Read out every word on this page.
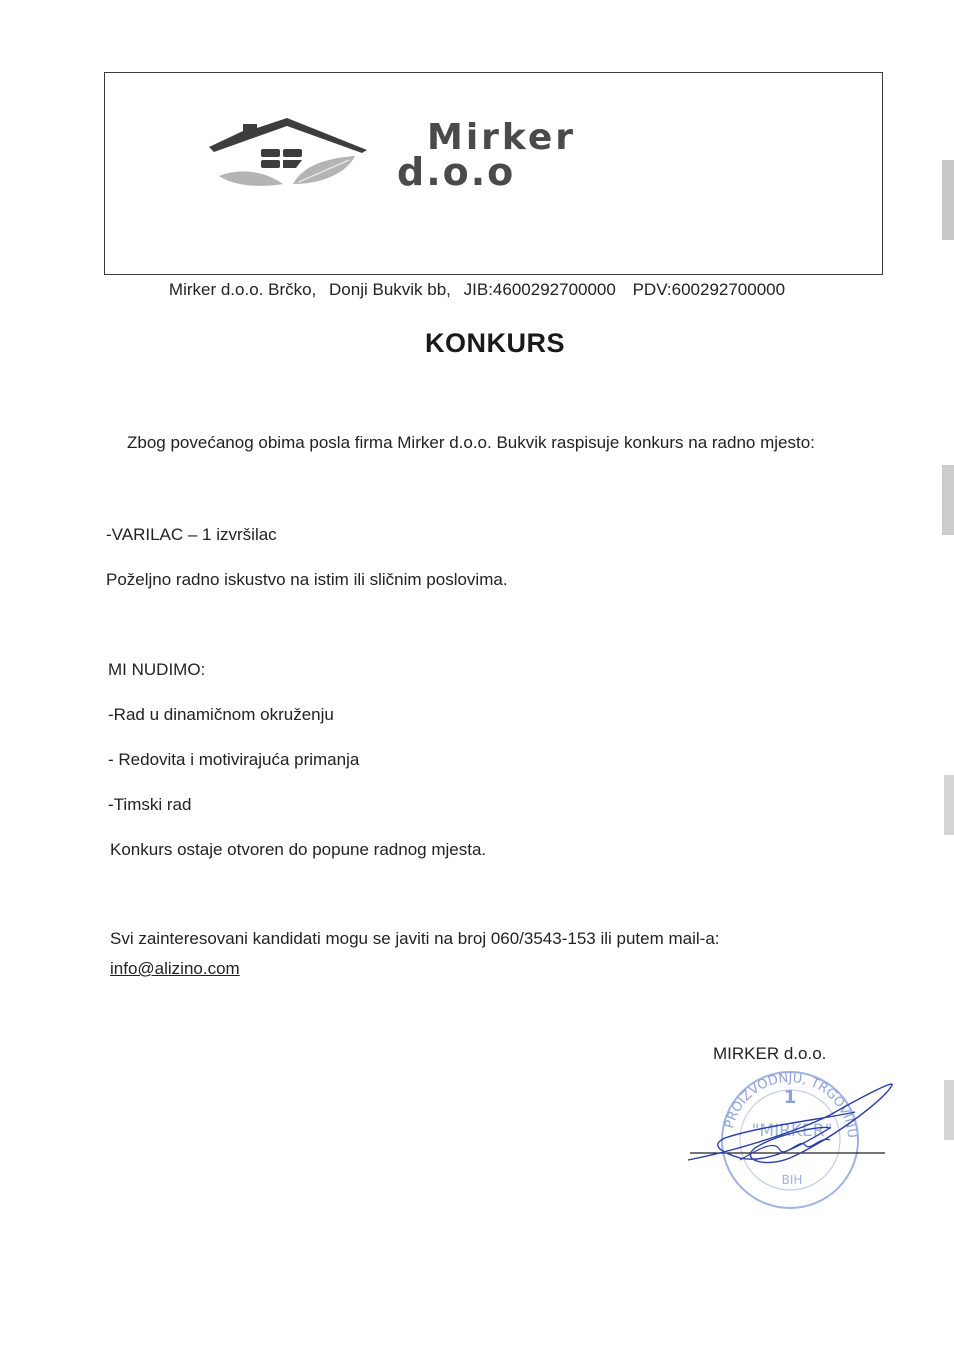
Mirker
d.o.o
Mirker d.o.o. Brčko, Donji Bukvik bb, JIB:4600292700000 PDV:600292700000
KONKURS
Zbog povećanog obima posla firma Mirker d.o.o. Bukvik raspisuje konkurs na radno mjesto:
-VARILAC – 1 izvršilac
Poželjno radno iskustvo na istim ili sličnim poslovima.
MI NUDIMO:
-Rad u dinamičnom okruženju
- Redovita i motivirajuća primanja
-Timski rad
Konkurs ostaje otvoren do popune radnog mjesta.
Svi zainteresovani kandidati mogu se javiti na broj 060/3543-153 ili putem mail-a:
info@alizino.com
PROIZVODNJU, TRGOVINU
1
"MIRKER"
BIH
MIRKER d.o.o.
